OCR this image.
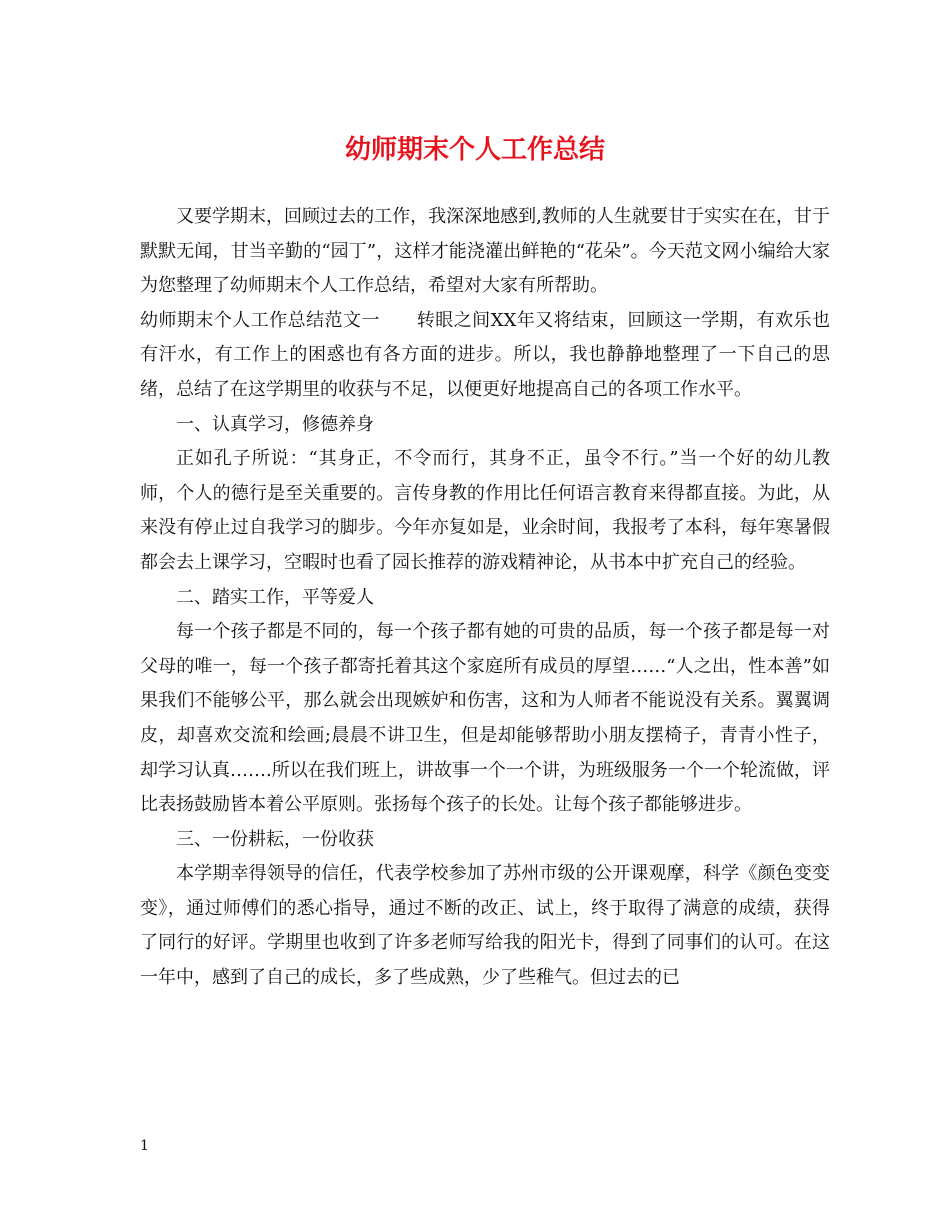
幼师期末个人工作总结

又要学期末，回顾过去的工作，我深深地感到,教师的人生就要甘于实实在在，甘于默默无闻，甘当辛勤的“园丁”，这样才能浇灌出鲜艳的“花朵”。今天范文网小编给大家为您整理了幼师期末个人工作总结，希望对大家有所帮助。

幼师期末个人工作总结范文一　　转眼之间XX年又将结束，回顾这一学期，有欢乐也有汗水，有工作上的困惑也有各方面的进步。所以，我也静静地整理了一下自己的思绪，总结了在这学期里的收获与不足，以便更好地提高自己的各项工作水平。

一、认真学习，修德养身

正如孔子所说：“其身正，不令而行，其身不正，虽令不行。”当一个好的幼儿教师，个人的德行是至关重要的。言传身教的作用比任何语言教育来得都直接。为此，从来没有停止过自我学习的脚步。今年亦复如是，业余时间，我报考了本科，每年寒暑假都会去上课学习，空暇时也看了园长推荐的游戏精神论，从书本中扩充自己的经验。

二、踏实工作，平等爱人

每一个孩子都是不同的，每一个孩子都有她的可贵的品质，每一个孩子都是每一对父母的唯一，每一个孩子都寄托着其这个家庭所有成员的厚望……“人之出，性本善”如果我们不能够公平，那么就会出现嫉妒和伤害，这和为人师者不能说没有关系。翼翼调皮，却喜欢交流和绘画;晨晨不讲卫生，但是却能够帮助小朋友摆椅子，青青小性子，却学习认真…….所以在我们班上，讲故事一个一个讲，为班级服务一个一个轮流做，评比表扬鼓励皆本着公平原则。张扬每个孩子的长处。让每个孩子都能够进步。

三、一份耕耘，一份收获

本学期幸得领导的信任，代表学校参加了苏州市级的公开课观摩，科学《颜色变变变》，通过师傅们的悉心指导，通过不断的改正、试上，终于取得了满意的成绩，获得了同行的好评。学期里也收到了许多老师写给我的阳光卡，得到了同事们的认可。在这一年中，感到了自己的成长，多了些成熟，少了些稚气。但过去的已

1
